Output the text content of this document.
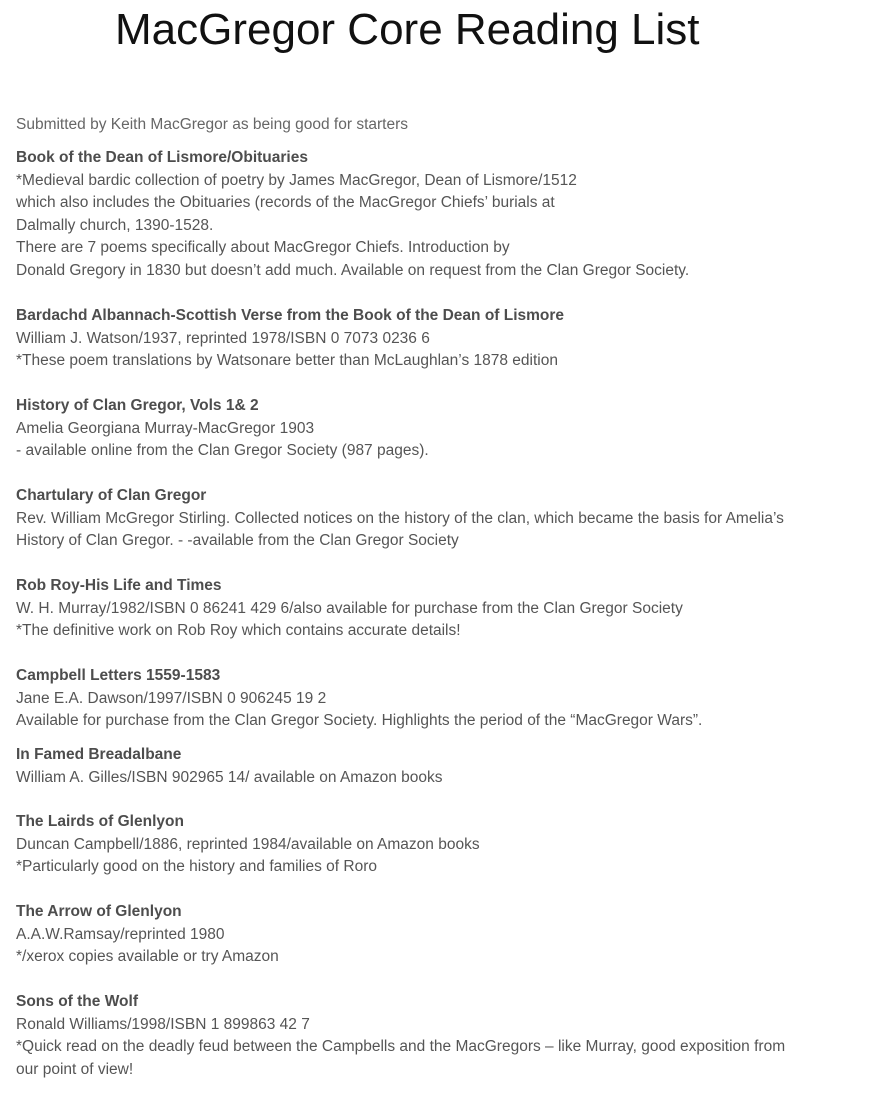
MacGregor Core Reading List

Submitted by Keith MacGregor as being good for starters

Book of the Dean of Lismore/Obituaries
*Medieval bardic collection of poetry by James MacGregor, Dean of Lismore/1512
which also includes the Obituaries (records of the MacGregor Chiefs’ burials at
Dalmally church, 1390-1528.
There are 7 poems specifically about MacGregor Chiefs. Introduction by
Donald Gregory in 1830 but doesn’t add much. Available on request from the Clan Gregor Society.
Bardachd Albannach-Scottish Verse from the Book of the Dean of Lismore
William J. Watson/1937, reprinted 1978/ISBN 0 7073 0236 6
*These poem translations by Watsonare better than McLaughlan’s 1878 edition
History of Clan Gregor, Vols 1& 2
Amelia Georgiana Murray-MacGregor 1903
- available online from the Clan Gregor Society (987 pages).
Chartulary of Clan Gregor
Rev. William McGregor Stirling. Collected notices on the history of the clan, which became the basis for Amelia’s
History of Clan Gregor. - -available from the Clan Gregor Society
Rob Roy-His Life and Times
W. H. Murray/1982/ISBN 0 86241 429 6/also available for purchase from the Clan Gregor Society
*The definitive work on Rob Roy which contains accurate details!
Campbell Letters 1559-1583
Jane E.A. Dawson/1997/ISBN 0 906245 19 2
Available for purchase from the Clan Gregor Society. Highlights the period of the “MacGregor Wars”.
In Famed Breadalbane
William A. Gilles/ISBN 902965 14/ available on Amazon books
The Lairds of Glenlyon
Duncan Campbell/1886, reprinted 1984/available on Amazon books
*Particularly good on the history and families of Roro
The Arrow of Glenlyon
A.A.W.Ramsay/reprinted 1980
*/xerox copies available or try Amazon
Sons of the Wolf
Ronald Williams/1998/ISBN 1 899863 42 7
*Quick read on the deadly feud between the Campbells and the MacGregors – like Murray, good exposition from
our point of view!
